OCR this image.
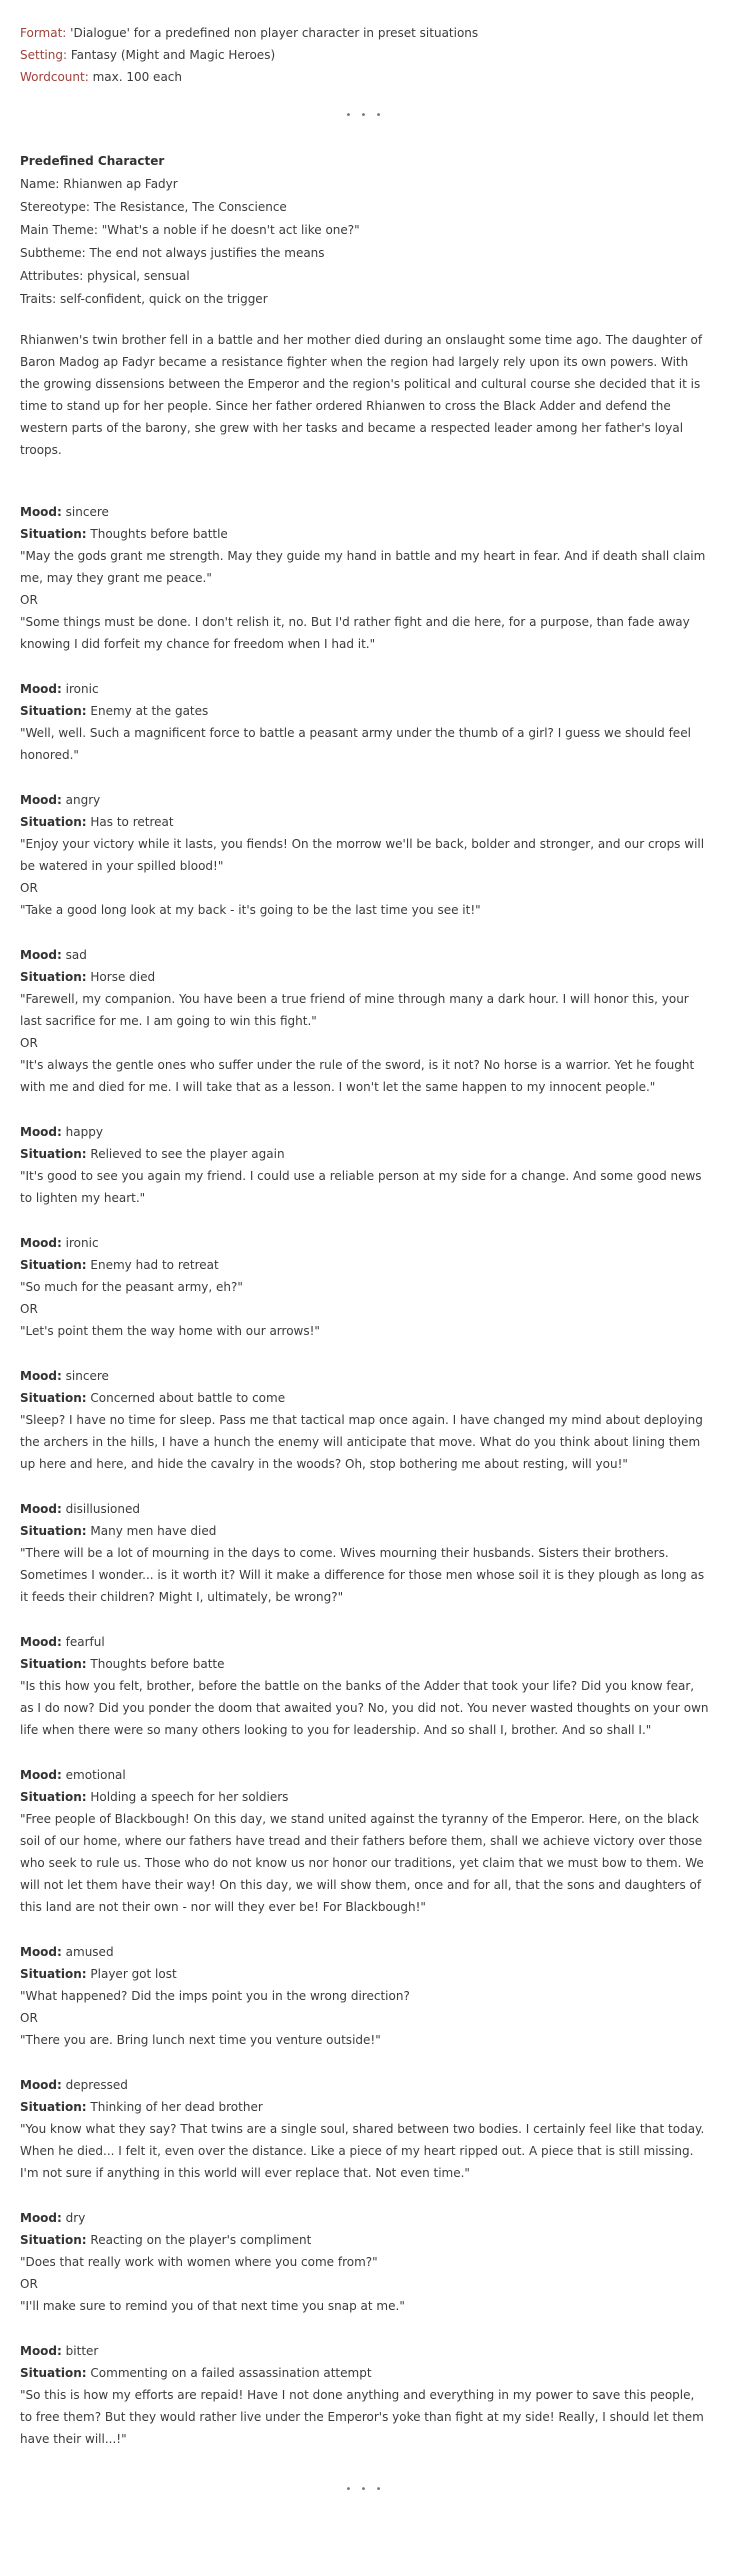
Format: 'Dialogue' for a predefined non player character in preset situations

Setting: Fantasy (Might and Magic Heroes)

Wordcount: max. 100 each

• • •

Predefined Character

Name: Rhianwen ap Fadyr

Stereotype: The Resistance, The Conscience

Main Theme: "What's a noble if he doesn't act like one?"

Subtheme: The end not always justifies the means

Attributes: physical, sensual

Traits: self-confident, quick on the trigger

Rhianwen's twin brother fell in a battle and her mother died during an onslaught some time ago. The daughter of Baron Madog ap Fadyr became a resistance fighter when the region had largely rely upon its own powers. With the growing dissensions between the Emperor and the region's political and cultural course she decided that it is time to stand up for her people. Since her father ordered Rhianwen to cross the Black Adder and defend the western parts of the barony, she grew with her tasks and became a respected leader among her father's loyal troops.

Mood: sincere

Situation: Thoughts before battle

"May the gods grant me strength. May they guide my hand in battle and my heart in fear. And if death shall claim me, may they grant me peace."

OR

"Some things must be done. I don't relish it, no. But I'd rather fight and die here, for a purpose, than fade away knowing I did forfeit my chance for freedom when I had it."

Mood: ironic

Situation: Enemy at the gates

"Well, well. Such a magnificent force to battle a peasant army under the thumb of a girl? I guess we should feel honored."

Mood: angry

Situation: Has to retreat

"Enjoy your victory while it lasts, you fiends! On the morrow we'll be back, bolder and stronger, and our crops will be watered in your spilled blood!"

OR

"Take a good long look at my back - it's going to be the last time you see it!"

Mood: sad

Situation: Horse died

"Farewell, my companion. You have been a true friend of mine through many a dark hour. I will honor this, your last sacrifice for me. I am going to win this fight."

OR

"It's always the gentle ones who suffer under the rule of the sword, is it not? No horse is a warrior. Yet he fought with me and died for me. I will take that as a lesson. I won't let the same happen to my innocent people."

Mood: happy

Situation: Relieved to see the player again

"It's good to see you again my friend. I could use a reliable person at my side for a change. And some good news to lighten my heart."

Mood: ironic

Situation: Enemy had to retreat

"So much for the peasant army, eh?"

OR

"Let's point them the way home with our arrows!"

Mood: sincere

Situation: Concerned about battle to come

"Sleep? I have no time for sleep. Pass me that tactical map once again. I have changed my mind about deploying the archers in the hills, I have a hunch the enemy will anticipate that move. What do you think about lining them up here and here, and hide the cavalry in the woods? Oh, stop bothering me about resting, will you!"

Mood: disillusioned

Situation: Many men have died

"There will be a lot of mourning in the days to come. Wives mourning their husbands. Sisters their brothers. Sometimes I wonder... is it worth it? Will it make a difference for those men whose soil it is they plough as long as it feeds their children? Might I, ultimately, be wrong?"

Mood: fearful

Situation: Thoughts before batte

"Is this how you felt, brother, before the battle on the banks of the Adder that took your life? Did you know fear, as I do now? Did you ponder the doom that awaited you? No, you did not. You never wasted thoughts on your own life when there were so many others looking to you for leadership. And so shall I, brother. And so shall I."

Mood: emotional

Situation: Holding a speech for her soldiers

"Free people of Blackbough! On this day, we stand united against the tyranny of the Emperor. Here, on the black soil of our home, where our fathers have tread and their fathers before them, shall we achieve victory over those who seek to rule us. Those who do not know us nor honor our traditions, yet claim that we must bow to them. We will not let them have their way! On this day, we will show them, once and for all, that the sons and daughters of this land are not their own - nor will they ever be! For Blackbough!"

Mood: amused

Situation: Player got lost

"What happened? Did the imps point you in the wrong direction?

OR

"There you are. Bring lunch next time you venture outside!"

Mood: depressed

Situation: Thinking of her dead brother

"You know what they say? That twins are a single soul, shared between two bodies. I certainly feel like that today. When he died... I felt it, even over the distance. Like a piece of my heart ripped out. A piece that is still missing. I'm not sure if anything in this world will ever replace that. Not even time."

Mood: dry

Situation: Reacting on the player's compliment

"Does that really work with women where you come from?"

OR

"I'll make sure to remind you of that next time you snap at me."

Mood: bitter

Situation: Commenting on a failed assassination attempt

"So this is how my efforts are repaid! Have I not done anything and everything in my power to save this people, to free them? But they would rather live under the Emperor's yoke than fight at my side! Really, I should let them have their will...!"

• • •
